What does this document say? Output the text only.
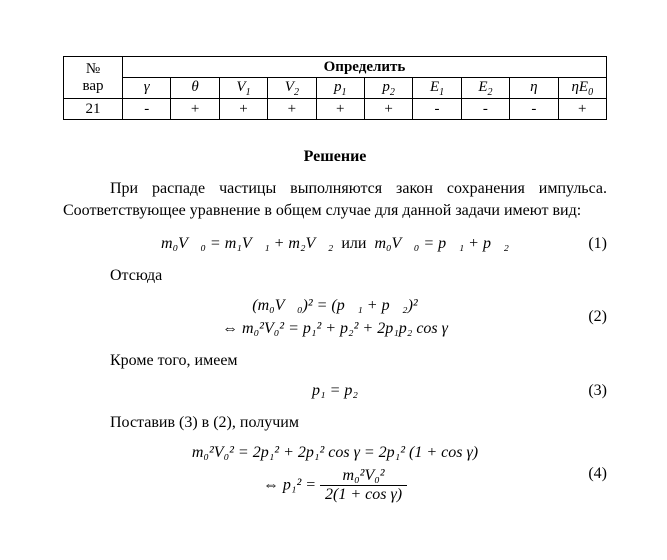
№
вар	Определить									
	γ	θ	$V_1$	$V_2$	$p_1$	$p_2$	$E_1$	$E_2$	η	$\eta E_0$
21	-	+	+	+	+	+	-	-	-	+
Решение

При распаде частицы выполняются закон сохранения импульса. Соответствующее уравнение в общем случае для данной задачи имеют вид:

m₀V⃗₀ = m₁V⃗₁ + m₂V⃗₂ или m₀V⃗₀ = p⃗₁ + p⃗₂	(1)

Отсюда

(m₀V⃗₀)² = (p⃗₁ + p⃗₂)²
⇔ m₀²V₀² = p₁² + p₂² + 2p₁p₂ cos γ
(2)

Кроме того, имеем

p₁ = p₂	(3)

Поставив (3) в (2), получим

m₀²V₀² = 2p₁² + 2p₁² cos γ = 2p₁² (1 + cos γ)
⇔ $p_1^2 = \frac{\text{m₀²V₀²}}{\text{2(1 + cos γ)}}$	(4)
